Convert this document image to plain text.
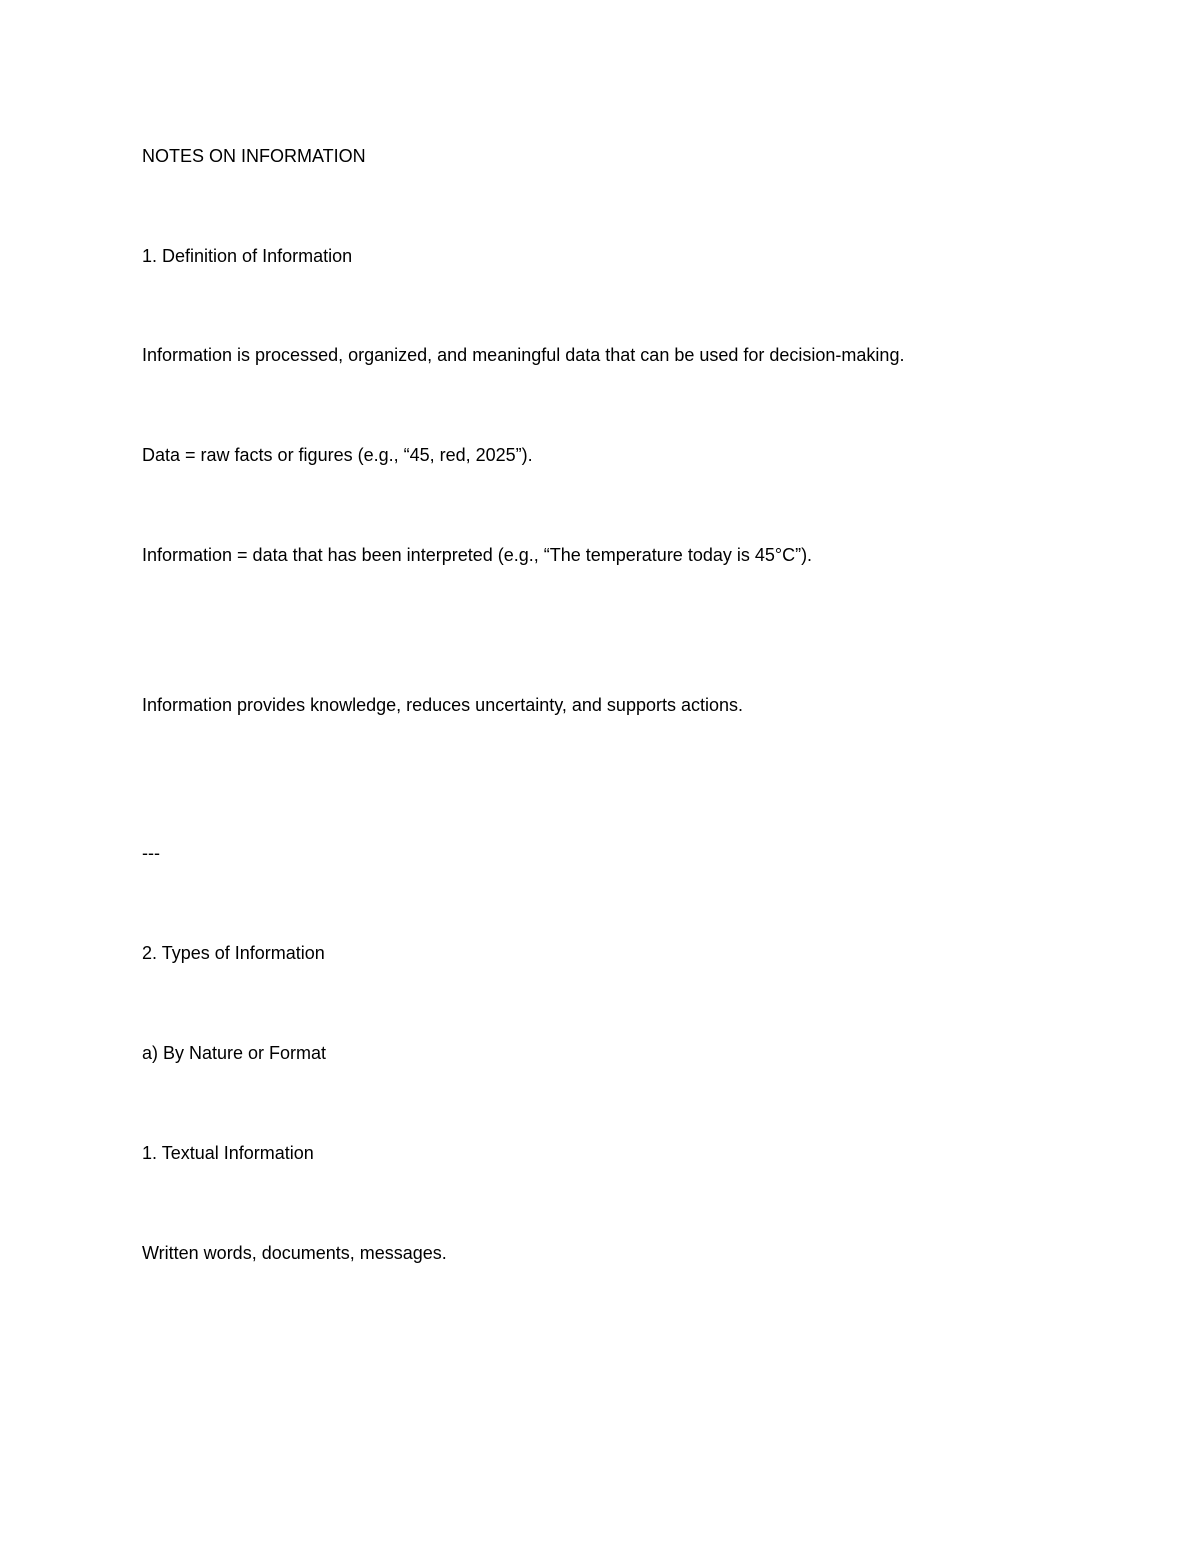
NOTES ON INFORMATION
1. Definition of Information
Information is processed, organized, and meaningful data that can be used for decision-making.
Data = raw facts or figures (e.g., “45, red, 2025”).
Information = data that has been interpreted (e.g., “The temperature today is 45°C”).
Information provides knowledge, reduces uncertainty, and supports actions.
---
2. Types of Information
a) By Nature or Format
1. Textual Information
Written words, documents, messages.
